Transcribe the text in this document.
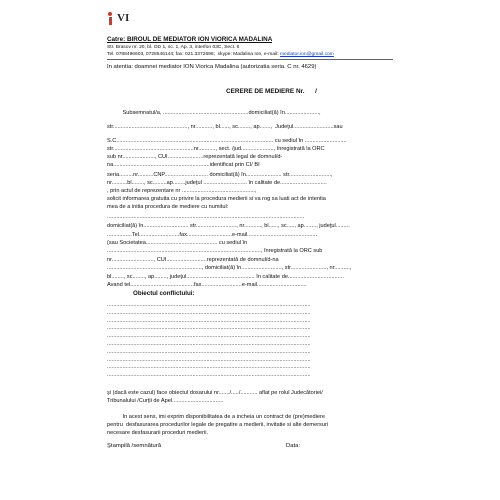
VI
Catre: BIROUL DE MEDIATOR ION VIORICA MADALINA
Str. Brasov nr. 20, bl. OD 1, sc. 1, Ap. 3, interfon 03C, Sect. 6
Tel. 0788496603, 0728546144; fax: 021.3372696;  skype: Madalina Ion, e-mail: mediator.ion@gmail.com
În atentia: doamnei mediator ION Viorica Madalina (autorizatia seria. C nr. 4629)
CERERE DE MEDIERE Nr.      /
Subsemnatul/a, .......................................................domiciliat(ă) în......................,
str................................................, nr..........., bl......, sc........, ap.......,  Judeţul..........................sau
S.C..................................................................................................... cu sediul în ...........................
str....................................................nr..........., sect. /jud....................., înregistrată la ORC
sub nr....................., CUI.......................reprezentată legal de domnul/d-
na..............................................................identificat prin CI/ BI
seria.........nr..........CNP............................ domiciliat(ă) în....................... str...........................,
nr..........bl........, sc.........ap........judeţul ............................ în calitate de..............................
, prin actul de reprezentare nr ...............................................,
solicit informarea gratuita cu privire la procedura medierii si va rog sa luati act de intentia
mea de a initia procedura de mediere cu numitul:
...............................................................................................................................
domiciliat(ă) în............................. str.........................., nr..........., bl......, sc....., ap........, judeţul.........
................Tel..........................fax.............................e-mail.............................................
(sau Societatea.............................................. cu sediul în
..................................................................................................., înregistrată la ORC sub
nr..........................., CUI..........................reprezentată de domnul/d-na
............................................................., domiciliat(ă) în.........................., str......................., nr..........,
bl........, sc........, ap........, judeţul............................................ în calitate de....................................
Avand tel.........................................fax..........................e-mail................................
Obiectul conflictului:
...................................................................................................................................
...................................................................................................................................
...................................................................................................................................
...................................................................................................................................
...................................................................................................................................
...................................................................................................................................
...................................................................................................................................
...................................................................................................................................
...................................................................................................................................
...................................................................................................................................
şi (dacă este cazul) face obiectul dosarului nr......./...../........... aflat pe rolul Judecătoriei/
Tribunalului /Curţii de Apel.................................
În acest sens, imi exprim disponibilitatea de a incheia un contract de (pre)mediere
pentru  desfasurarea procedurilor legale de pregatire a medierii, invitatie si alte demersuri
necesare desfasurarii proceduri medierii.
Ştampilă /semnătură	Data:
